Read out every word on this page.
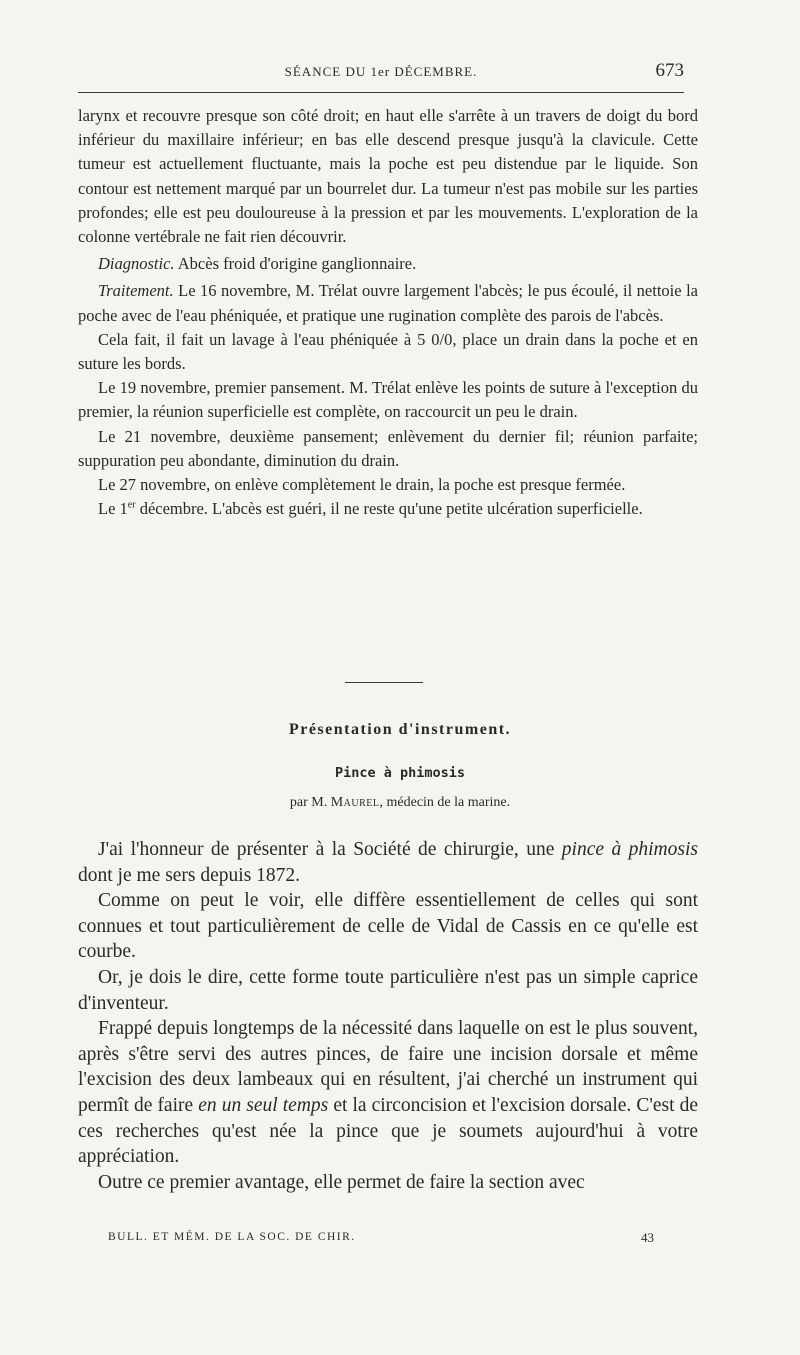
SÉANCE DU 1er DÉCEMBRE.	673

larynx et recouvre presque son côté droit; en haut elle s'arrête à un travers de doigt du bord inférieur du maxillaire inférieur; en bas elle descend presque jusqu'à la clavicule. Cette tumeur est actuellement fluctuante, mais la poche est peu distendue par le liquide. Son contour est nettement marqué par un bourrelet dur. La tumeur n'est pas mobile sur les parties profondes; elle est peu douloureuse à la pression et par les mouvements. L'exploration de la colonne vertébrale ne fait rien découvrir.

Diagnostic. Abcès froid d'origine ganglionnaire.

Traitement. Le 16 novembre, M. Trélat ouvre largement l'abcès; le pus écoulé, il nettoie la poche avec de l'eau phéniquée, et pratique une rugination complète des parois de l'abcès.

Cela fait, il fait un lavage à l'eau phéniquée à 5 0/0, place un drain dans la poche et en suture les bords.

Le 19 novembre, premier pansement. M. Trélat enlève les points de suture à l'exception du premier, la réunion superficielle est complète, on raccourcit un peu le drain.

Le 21 novembre, deuxième pansement; enlèvement du dernier fil; réunion parfaite; suppuration peu abondante, diminution du drain.

Le 27 novembre, on enlève complètement le drain, la poche est presque fermée.

Le 1er décembre. L'abcès est guéri, il ne reste qu'une petite ulcération superficielle.

Présentation d'instrument.
Pince à phimosis
par M. Maurel, médecin de la marine.

J'ai l'honneur de présenter à la Société de chirurgie, une pince à phimosis dont je me sers depuis 1872.

Comme on peut le voir, elle diffère essentiellement de celles qui sont connues et tout particulièrement de celle de Vidal de Cassis en ce qu'elle est courbe.

Or, je dois le dire, cette forme toute particulière n'est pas un simple caprice d'inventeur.

Frappé depuis longtemps de la nécessité dans laquelle on est le plus souvent, après s'être servi des autres pinces, de faire une incision dorsale et même l'excision des deux lambeaux qui en résultent, j'ai cherché un instrument qui permît de faire en un seul temps et la circoncision et l'excision dorsale. C'est de ces recherches qu'est née la pince que je soumets aujourd'hui à votre appréciation.

Outre ce premier avantage, elle permet de faire la section avec

BULL. ET MÉM. DE LA SOC. DE CHIR.	43
